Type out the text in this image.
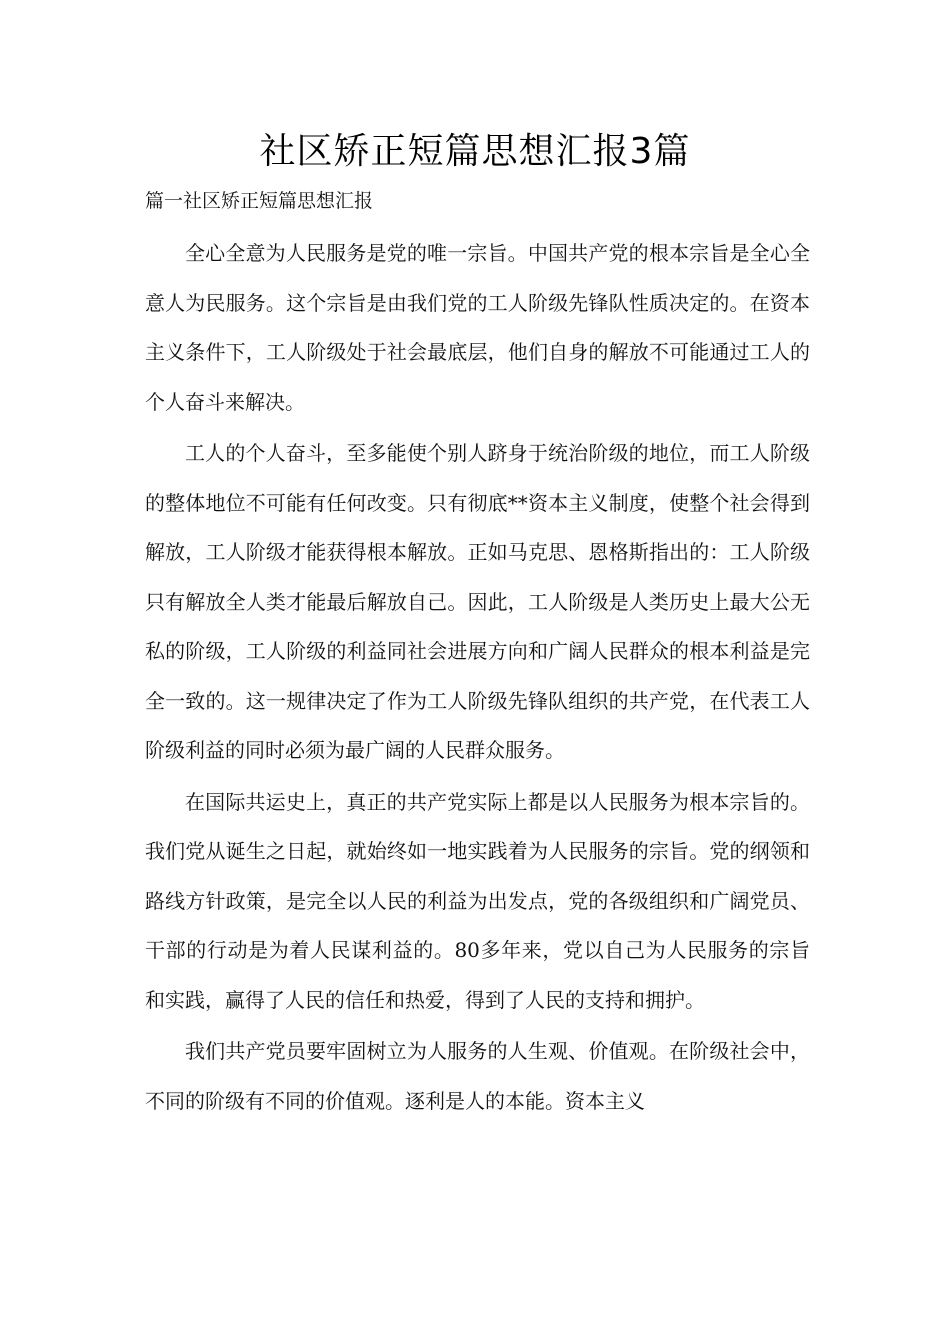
社区矫正短篇思想汇报3篇
篇一社区矫正短篇思想汇报

全心全意为人民服务是党的唯一宗旨。中国共产党的根本宗旨是全心全意人为民服务。这个宗旨是由我们党的工人阶级先锋队性质决定的。在资本主义条件下，工人阶级处于社会最底层，他们自身的解放不可能通过工人的个人奋斗来解决。

工人的个人奋斗，至多能使个别人跻身于统治阶级的地位，而工人阶级的整体地位不可能有任何改变。只有彻底**资本主义制度，使整个社会得到解放，工人阶级才能获得根本解放。正如马克思、恩格斯指出的：工人阶级只有解放全人类才能最后解放自己。因此，工人阶级是人类历史上最大公无私的阶级，工人阶级的利益同社会进展方向和广阔人民群众的根本利益是完全一致的。这一规律决定了作为工人阶级先锋队组织的共产党，在代表工人阶级利益的同时必须为最广阔的人民群众服务。

在国际共运史上，真正的共产党实际上都是以人民服务为根本宗旨的。我们党从诞生之日起，就始终如一地实践着为人民服务的宗旨。党的纲领和路线方针政策，是完全以人民的利益为出发点，党的各级组织和广阔党员、干部的行动是为着人民谋利益的。80多年来，党以自己为人民服务的宗旨和实践，赢得了人民的信任和热爱，得到了人民的支持和拥护。

我们共产党员要牢固树立为人服务的人生观、价值观。在阶级社会中，不同的阶级有不同的价值观。逐利是人的本能。资本主义
